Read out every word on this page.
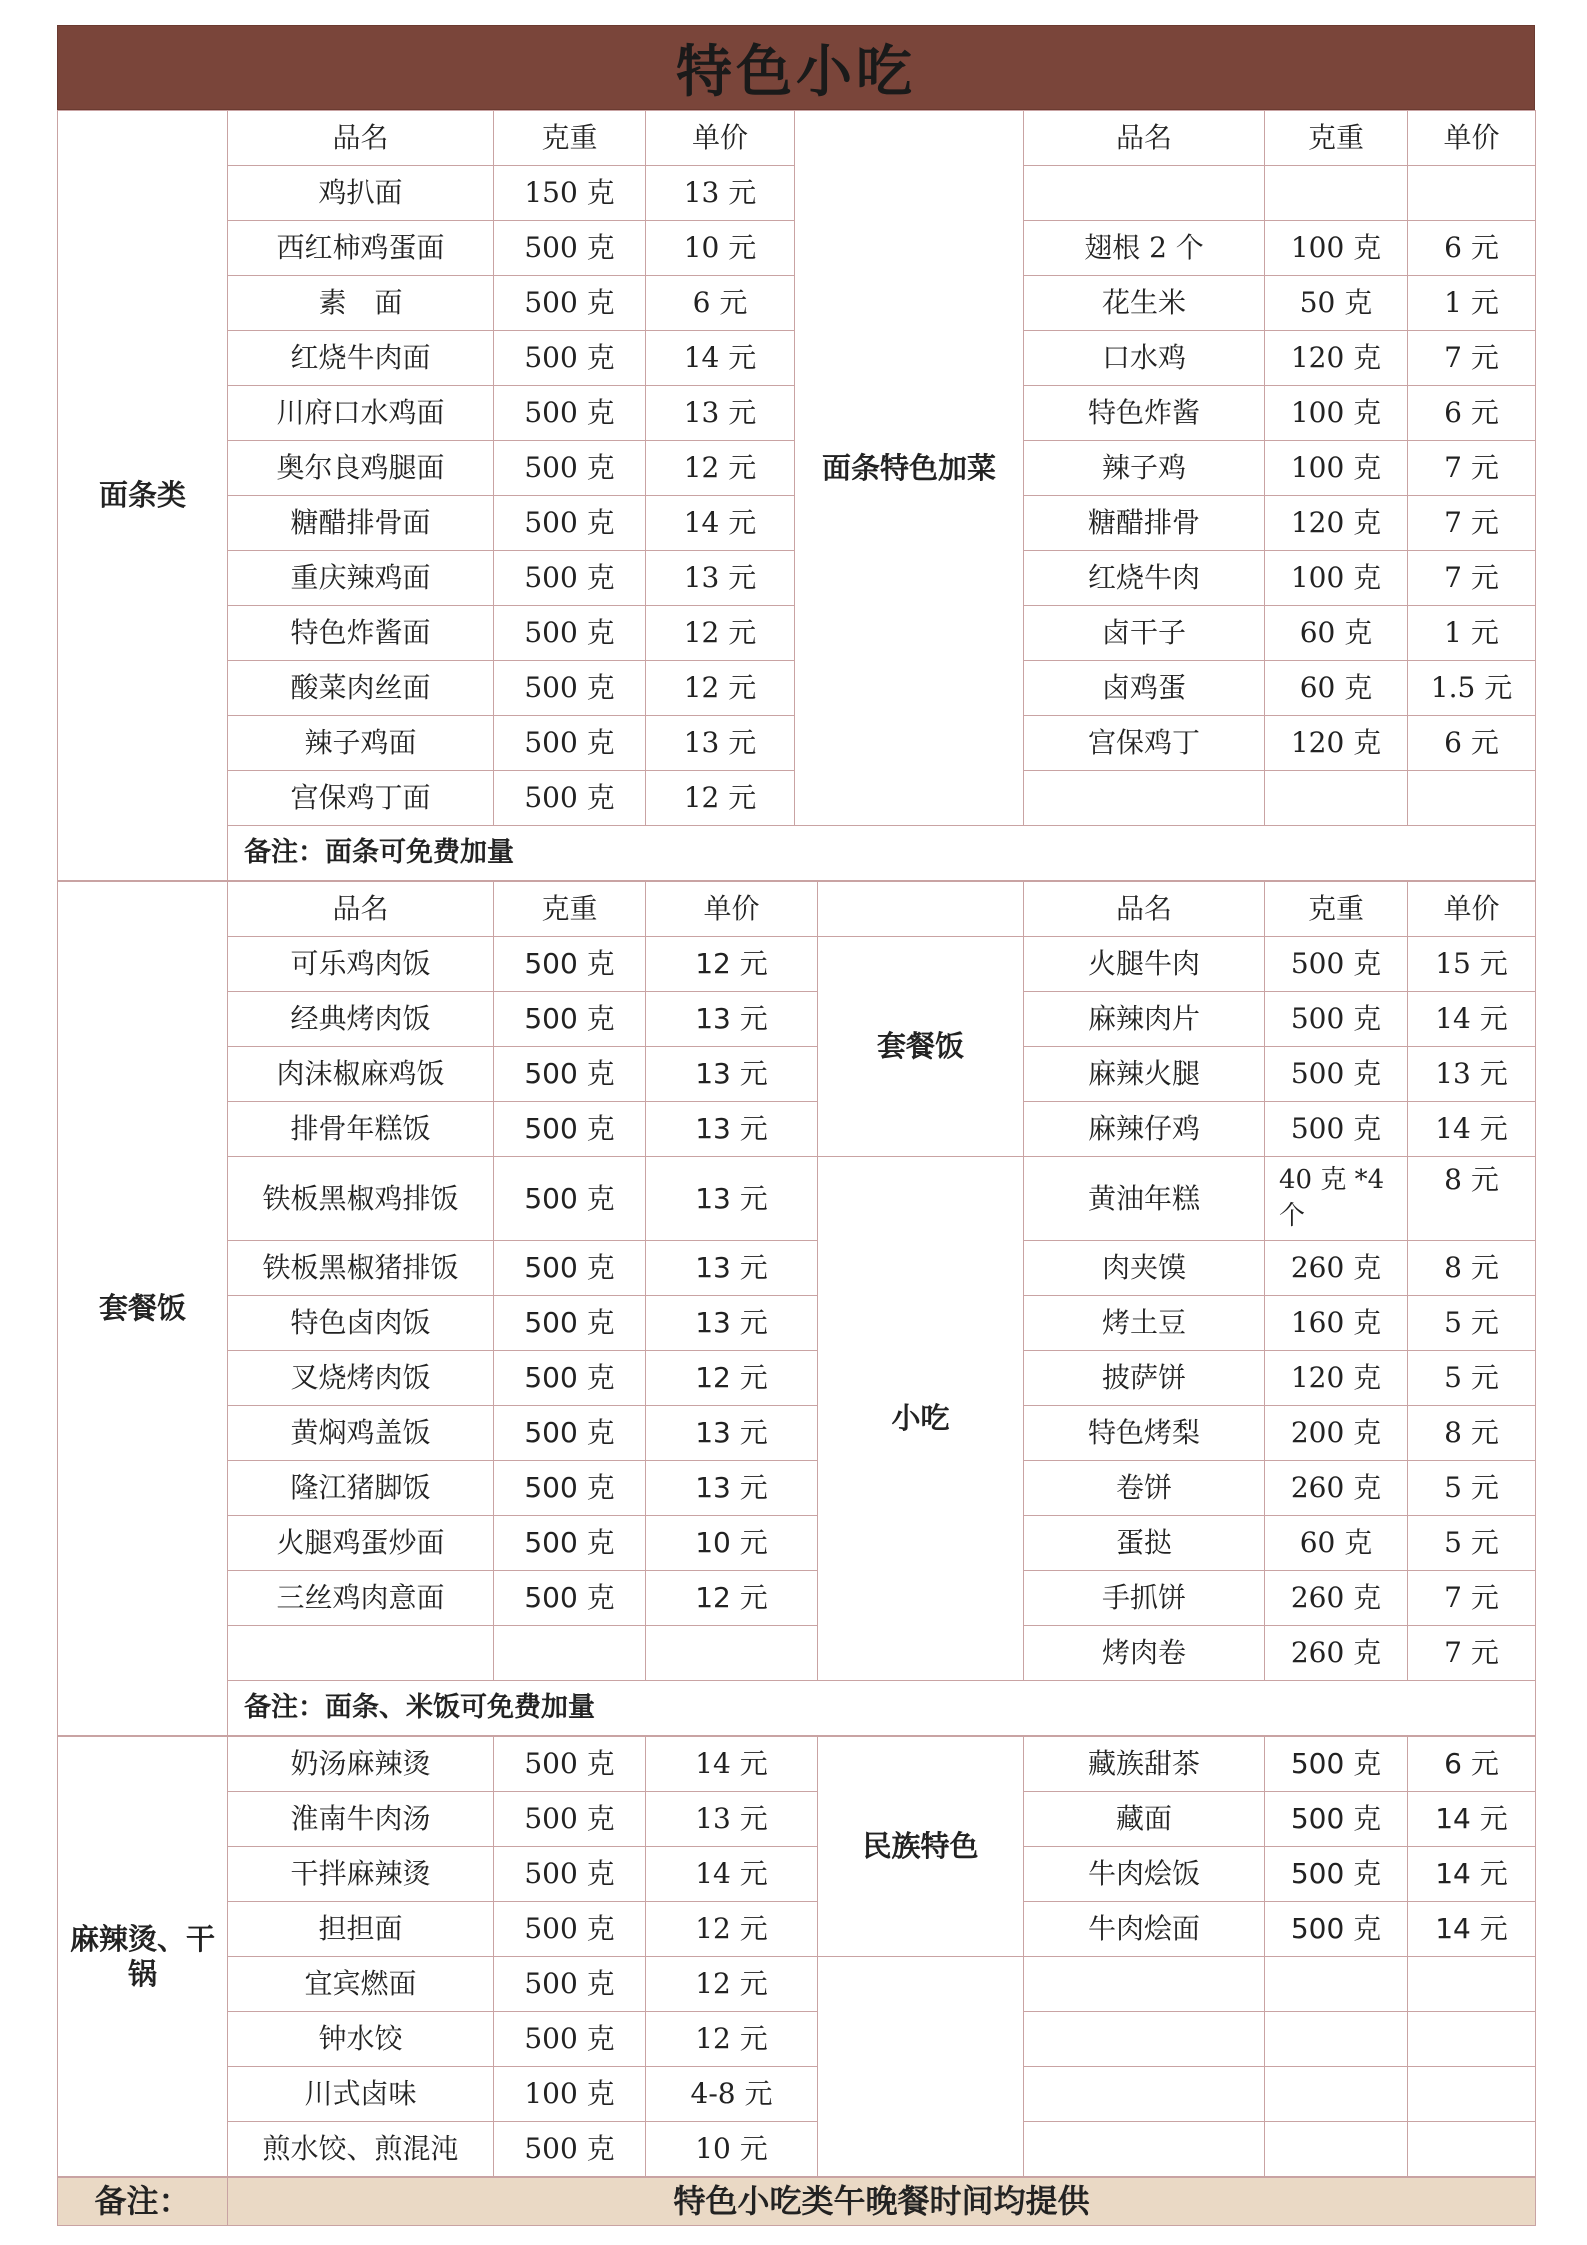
特色小吃
面条类	品名	克重	单价	面条特色加菜	品名	克重	单价
	鸡扒面	150 克	13 元				
	西红柿鸡蛋面	500 克	10 元		翅根 2 个	100 克	6 元
	素　面	500 克	6 元		花生米	50 克	1 元
	红烧牛肉面	500 克	14 元		口水鸡	120 克	7 元
	川府口水鸡面	500 克	13 元		特色炸酱	100 克	6 元
	奥尔良鸡腿面	500 克	12 元		辣子鸡	100 克	7 元
	糖醋排骨面	500 克	14 元		糖醋排骨	120 克	7 元
	重庆辣鸡面	500 克	13 元		红烧牛肉	100 克	7 元
	特色炸酱面	500 克	12 元		卤干子	60 克	1 元
	酸菜肉丝面	500 克	12 元		卤鸡蛋	60 克	1.5 元
	辣子鸡面	500 克	13 元		宫保鸡丁	120 克	6 元
	宫保鸡丁面	500 克	12 元				
	备注：面条可免费加量						
套餐饭	品名	克重	单价		品名	克重	单价
	可乐鸡肉饭	500 克	12 元	套餐饭	火腿牛肉	500 克	15 元
	经典烤肉饭	500 克	13 元		麻辣肉片	500 克	14 元
	肉沫椒麻鸡饭	500 克	13 元		麻辣火腿	500 克	13 元
	排骨年糕饭	500 克	13 元		麻辣仔鸡	500 克	14 元
	铁板黑椒鸡排饭	500 克	13 元	小吃	黄油年糕	40 克 *4 个	8 元
	铁板黑椒猪排饭	500 克	13 元		肉夹馍	260 克	8 元
	特色卤肉饭	500 克	13 元		烤土豆	160 克	5 元
	叉烧烤肉饭	500 克	12 元		披萨饼	120 克	5 元
	黄焖鸡盖饭	500 克	13 元		特色烤梨	200 克	8 元
	隆江猪脚饭	500 克	13 元		卷饼	260 克	5 元
	火腿鸡蛋炒面	500 克	10 元		蛋挞	60 克	5 元
	三丝鸡肉意面	500 克	12 元		手抓饼	260 克	7 元
					烤肉卷	260 克	7 元
	备注：面条、米饭可免费加量						
麻辣烫、干锅	奶汤麻辣烫	500 克	14 元	民族特色	藏族甜茶	500 克	6 元
	淮南牛肉汤	500 克	13 元		藏面	500 克	14 元
	干拌麻辣烫	500 克	14 元		牛肉烩饭	500 克	14 元
	担担面	500 克	12 元		牛肉烩面	500 克	14 元
	宜宾燃面	500 克	12 元				
	钟水饺	500 克	12 元				
	川式卤味	100 克	4-8 元				
	煎水饺、煎混沌	500 克	10 元				
备注：	特色小吃类午晚餐时间均提供
